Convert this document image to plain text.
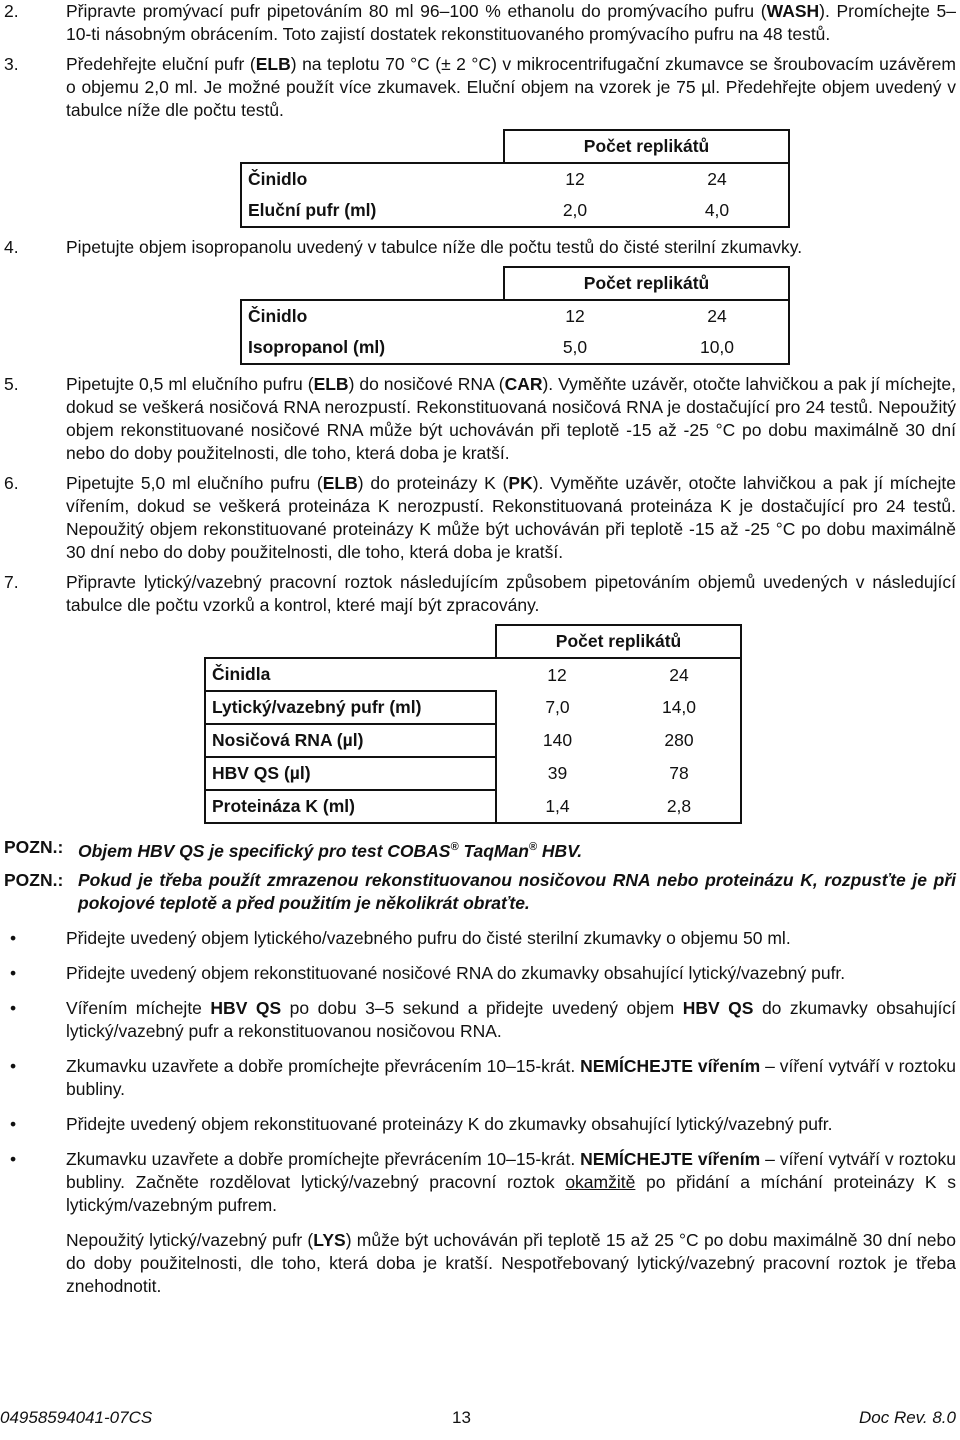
2.	Připravte promývací pufr pipetováním 80 ml 96–100 % ethanolu do promývacího pufru (WASH). Promíchejte 5–10-ti násobným obrácením. Toto zajistí dostatek rekonstituovaného promývacího pufru na 48 testů.
3.	Předehřejte eluční pufr (ELB) na teplotu 70 °C (± 2 °C) v mikrocentrifugační zkumavce se šroubovacím uzávěrem o objemu 2,0 ml. Je možné použít více zkumavek. Eluční objem na vzorek je 75 µl. Předehřejte objem uvedený v tabulce níže dle počtu testů.
	Počet replikátů	
Činidlo	12	24
Eluční pufr (ml)	2,0	4,0
4.	Pipetujte objem isopropanolu uvedený v tabulce níže dle počtu testů do čisté sterilní zkumavky.
	Počet replikátů	
Činidlo	12	24
Isopropanol (ml)	5,0	10,0
5.	Pipetujte 0,5 ml elučního pufru (ELB) do nosičové RNA (CAR). Vyměňte uzávěr, otočte lahvičkou a pak jí míchejte, dokud se veškerá nosičová RNA nerozpustí. Rekonstituovaná nosičová RNA je dostačující pro 24 testů. Nepoužitý objem rekonstituované nosičové RNA může být uchováván při teplotě -15 až -25 °C po dobu maximálně 30 dní nebo do doby použitelnosti, dle toho, která doba je kratší.
6.	Pipetujte 5,0 ml elučního pufru (ELB) do proteinázy K (PK). Vyměňte uzávěr, otočte lahvičkou a pak jí míchejte vířením, dokud se veškerá proteináza K nerozpustí. Rekonstituovaná proteináza K je dostačující pro 24 testů. Nepoužitý objem rekonstituované proteinázy K může být uchováván při teplotě -15 až -25 °C po dobu maximálně 30 dní nebo do doby použitelnosti, dle toho, která doba je kratší.
7.	Připravte lytický/vazebný pracovní roztok následujícím způsobem pipetováním objemů uvedených v následující tabulce dle počtu vzorků a kontrol, které mají být zpracovány.
	Počet replikátů	
Činidla	12	24
Lytický/vazebný pufr (ml)	7,0	14,0
Nosičová RNA (µl)	140	280
HBV QS (µl)	39	78
Proteináza K (ml)	1,4	2,8
POZN.: Objem HBV QS je specifický pro test COBAS® TaqMan® HBV.
POZN.: Pokud je třeba použít zmrazenou rekonstituovanou nosičovou RNA nebo proteinázu K, rozpusťte je při pokojové teplotě a před použitím je několikrát obraťte.
•	Přidejte uvedený objem lytického/vazebného pufru do čisté sterilní zkumavky o objemu 50 ml.
•	Přidejte uvedený objem rekonstituované nosičové RNA do zkumavky obsahující lytický/vazebný pufr.
•	Vířením míchejte HBV QS po dobu 3–5 sekund a přidejte uvedený objem HBV QS do zkumavky obsahující lytický/vazebný pufr a rekonstituovanou nosičovou RNA.
•	Zkumavku uzavřete a dobře promíchejte převrácením 10–15-krát. NEMÍCHEJTE vířením – víření vytváří v roztoku bubliny.
•	Přidejte uvedený objem rekonstituované proteinázy K do zkumavky obsahující lytický/vazebný pufr.
•	Zkumavku uzavřete a dobře promíchejte převrácením 10–15-krát. NEMÍCHEJTE vířením – víření vytváří v roztoku bubliny. Začněte rozdělovat lytický/vazebný pracovní roztok okamžitě po přidání a míchání proteinázy K s lytickým/vazebným pufrem.
Nepoužitý lytický/vazebný pufr (LYS) může být uchováván při teplotě 15 až 25 °C po dobu maximálně 30 dní nebo do doby použitelnosti, dle toho, která doba je kratší. Nespotřebovaný lytický/vazebný pracovní roztok je třeba znehodnotit.
04958594041-07CS	13	Doc Rev. 8.0
